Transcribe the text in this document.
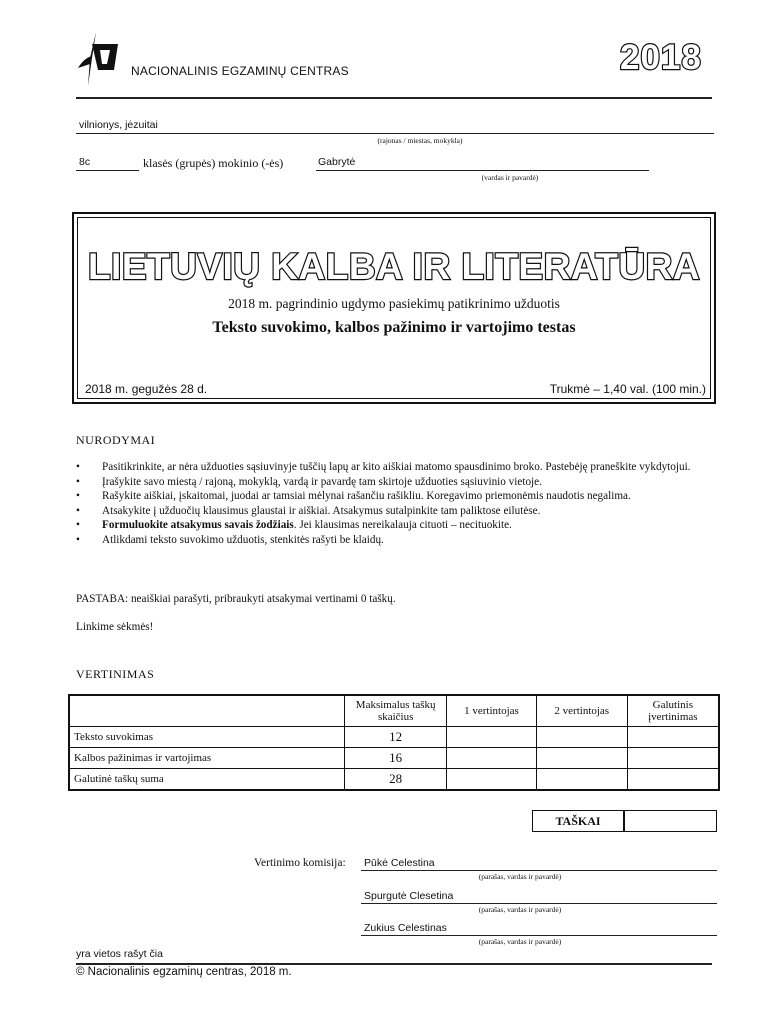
NACIONALINIS EGZAMINŲ CENTRAS	2018
vilnionys, jėzuitai
(rajonas / miestas, mokykla)
8c	klasės (grupės) mokinio (-ės)	Gabrytė
(vardas ir pavardė)
LIETUVIŲ KALBA IR LITERATŪRA
2018 m. pagrindinio ugdymo pasiekimų patikrinimo užduotis
Teksto suvokimo, kalbos pažinimo ir vartojimo testas
2018 m. gegužės 28 d.	Trukmė – 1,40 val. (100 min.)
NURODYMAI
• Pasitikrinkite, ar nėra užduoties sąsiuvinyje tuščių lapų ar kito aiškiai matomo spausdinimo broko. Pastebėję praneškite vykdytojui.
• Įrašykite savo miestą / rajoną, mokyklą, vardą ir pavardę tam skirtoje užduoties sąsiuvinio vietoje.
• Rašykite aiškiai, įskaitomai, juodai ar tamsiai mėlynai rašančiu rašikliu. Koregavimo priemonėmis naudotis negalima.
• Atsakykite į užduočių klausimus glaustai ir aiškiai. Atsakymus sutalpinkite tam paliktose eilutėse.
• Formuluokite atsakymus savais žodžiais. Jei klausimas nereikalauja cituoti – necituokite.
• Atlikdami teksto suvokimo užduotis, stenkitės rašyti be klaidų.
PASTABA: neaiškiai parašyti, pribraukyti atsakymai vertinami 0 taškų.
Linkime sėkmės!
VERTINIMAS
	Maksimalus taškų skaičius	1 vertintojas	2 vertintojas	Galutinis įvertinimas
Teksto suvokimas	12			
Kalbos pažinimas ir vartojimas	16			
Galutinė taškų suma	28			
TAŠKAI
Vertinimo komisija: Pūkė Celestina
(parašas, vardas ir pavardė)
Spurgutė Clesetina
(parašas, vardas ir pavardė)
Zukius Celestinas
(parašas, vardas ir pavardė)
yra vietos rašyt čia
© Nacionalinis egzaminų centras, 2018 m.
